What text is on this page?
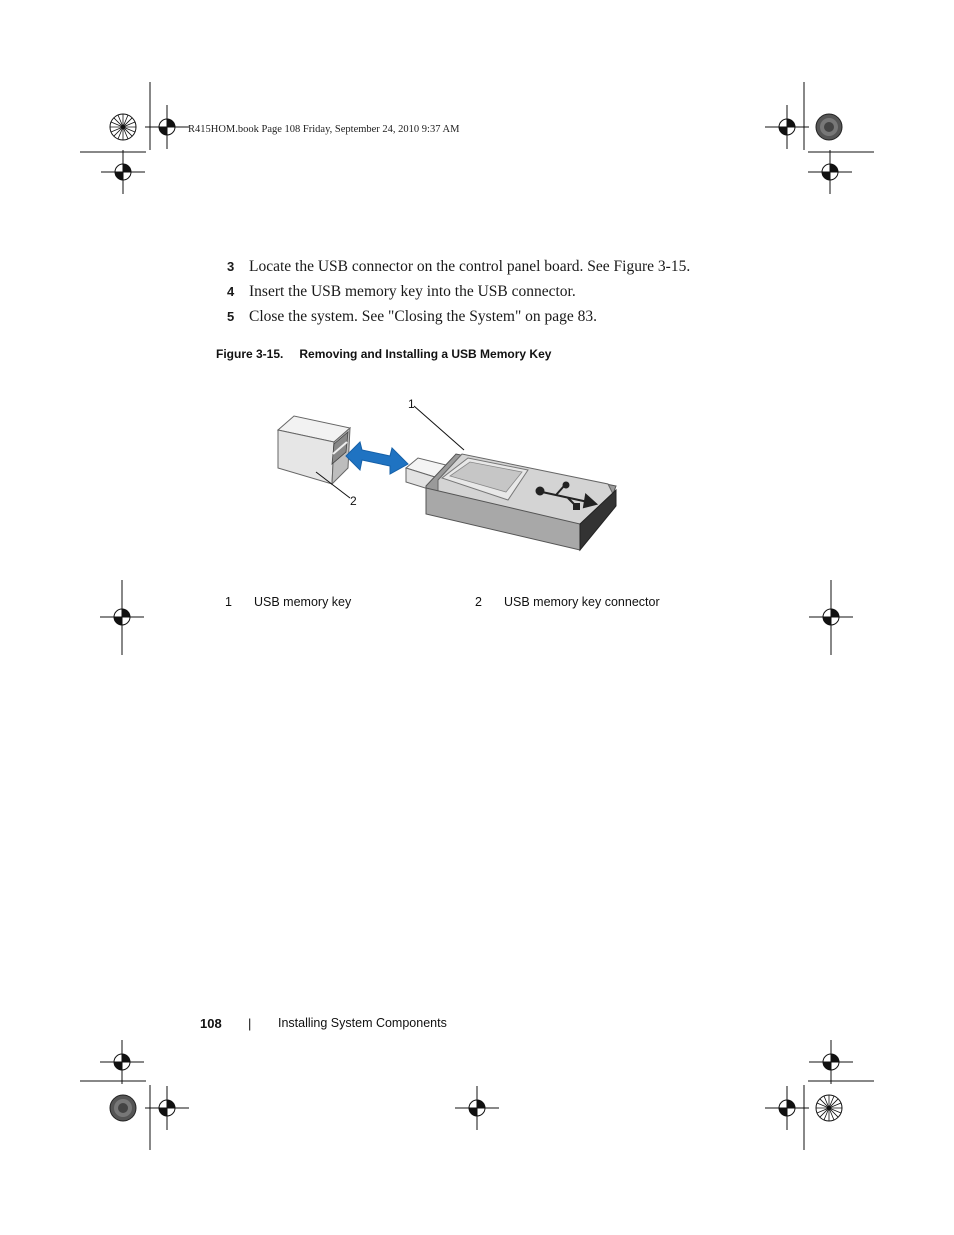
R415HOM.book Page 108 Friday, September 24, 2010 9:37 AM
3 Locate the USB connector on the control panel board. See Figure 3-15.
4 Insert the USB memory key into the USB connector.
5 Close the system. See "Closing the System" on page 83.
Figure 3-15. Removing and Installing a USB Memory Key
1
2
1	USB memory key	2	USB memory key connector
108 | Installing System Components
